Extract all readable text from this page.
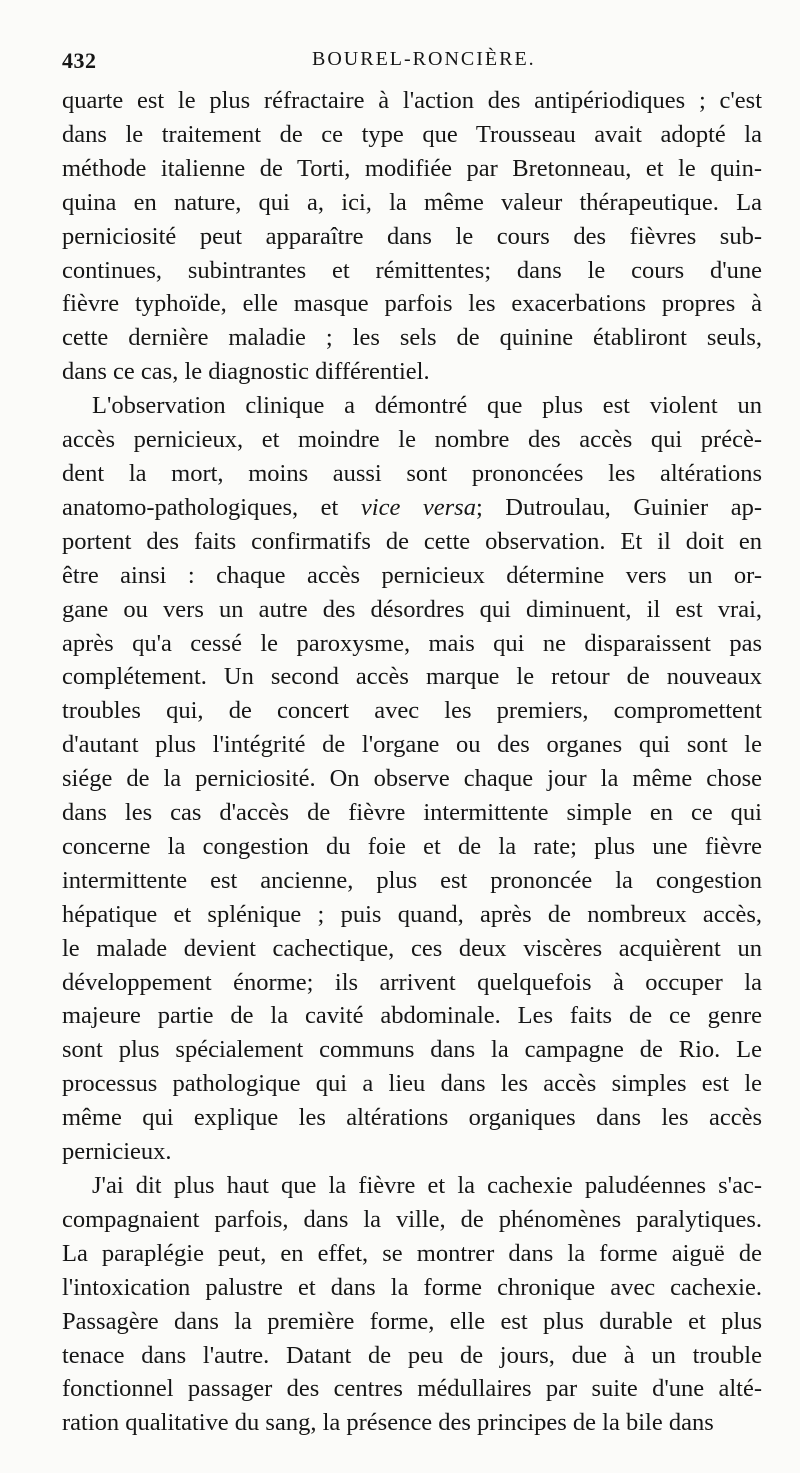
432	BOUREL-RONCIÈRE.

quarte est le plus réfractaire à l'action des antipériodiques ; c'est
dans le traitement de ce type que Trousseau avait adopté la
méthode italienne de Torti, modifiée par Bretonneau, et le quin-
quina en nature, qui a, ici, la même valeur thérapeutique. La
perniciosité peut apparaître dans le cours des fièvres sub-
continues, subintrantes et rémittentes; dans le cours d'une
fièvre typhoïde, elle masque parfois les exacerbations propres à
cette dernière maladie ; les sels de quinine établiront seuls,
dans ce cas, le diagnostic différentiel.

L'observation clinique a démontré que plus est violent un
accès pernicieux, et moindre le nombre des accès qui précè-
dent la mort, moins aussi sont prononcées les altérations
anatomo-pathologiques, et vice versa; Dutroulau, Guinier ap-
portent des faits confirmatifs de cette observation. Et il doit en
être ainsi : chaque accès pernicieux détermine vers un or-
gane ou vers un autre des désordres qui diminuent, il est vrai,
après qu'a cessé le paroxysme, mais qui ne disparaissent pas
complétement. Un second accès marque le retour de nouveaux
troubles qui, de concert avec les premiers, compromettent
d'autant plus l'intégrité de l'organe ou des organes qui sont le
siége de la perniciosité. On observe chaque jour la même chose
dans les cas d'accès de fièvre intermittente simple en ce qui
concerne la congestion du foie et de la rate; plus une fièvre
intermittente est ancienne, plus est prononcée la congestion
hépatique et splénique ; puis quand, après de nombreux accès,
le malade devient cachectique, ces deux viscères acquièrent un
développement énorme; ils arrivent quelquefois à occuper la
majeure partie de la cavité abdominale. Les faits de ce genre
sont plus spécialement communs dans la campagne de Rio. Le
processus pathologique qui a lieu dans les accès simples est le
même qui explique les altérations organiques dans les accès
pernicieux.

J'ai dit plus haut que la fièvre et la cachexie paludéennes s'ac-
compagnaient parfois, dans la ville, de phénomènes paralytiques.
La paraplégie peut, en effet, se montrer dans la forme aiguë de
l'intoxication palustre et dans la forme chronique avec cachexie.
Passagère dans la première forme, elle est plus durable et plus
tenace dans l'autre. Datant de peu de jours, due à un trouble
fonctionnel passager des centres médullaires par suite d'une alté-
ration qualitative du sang, la présence des principes de la bile dans
